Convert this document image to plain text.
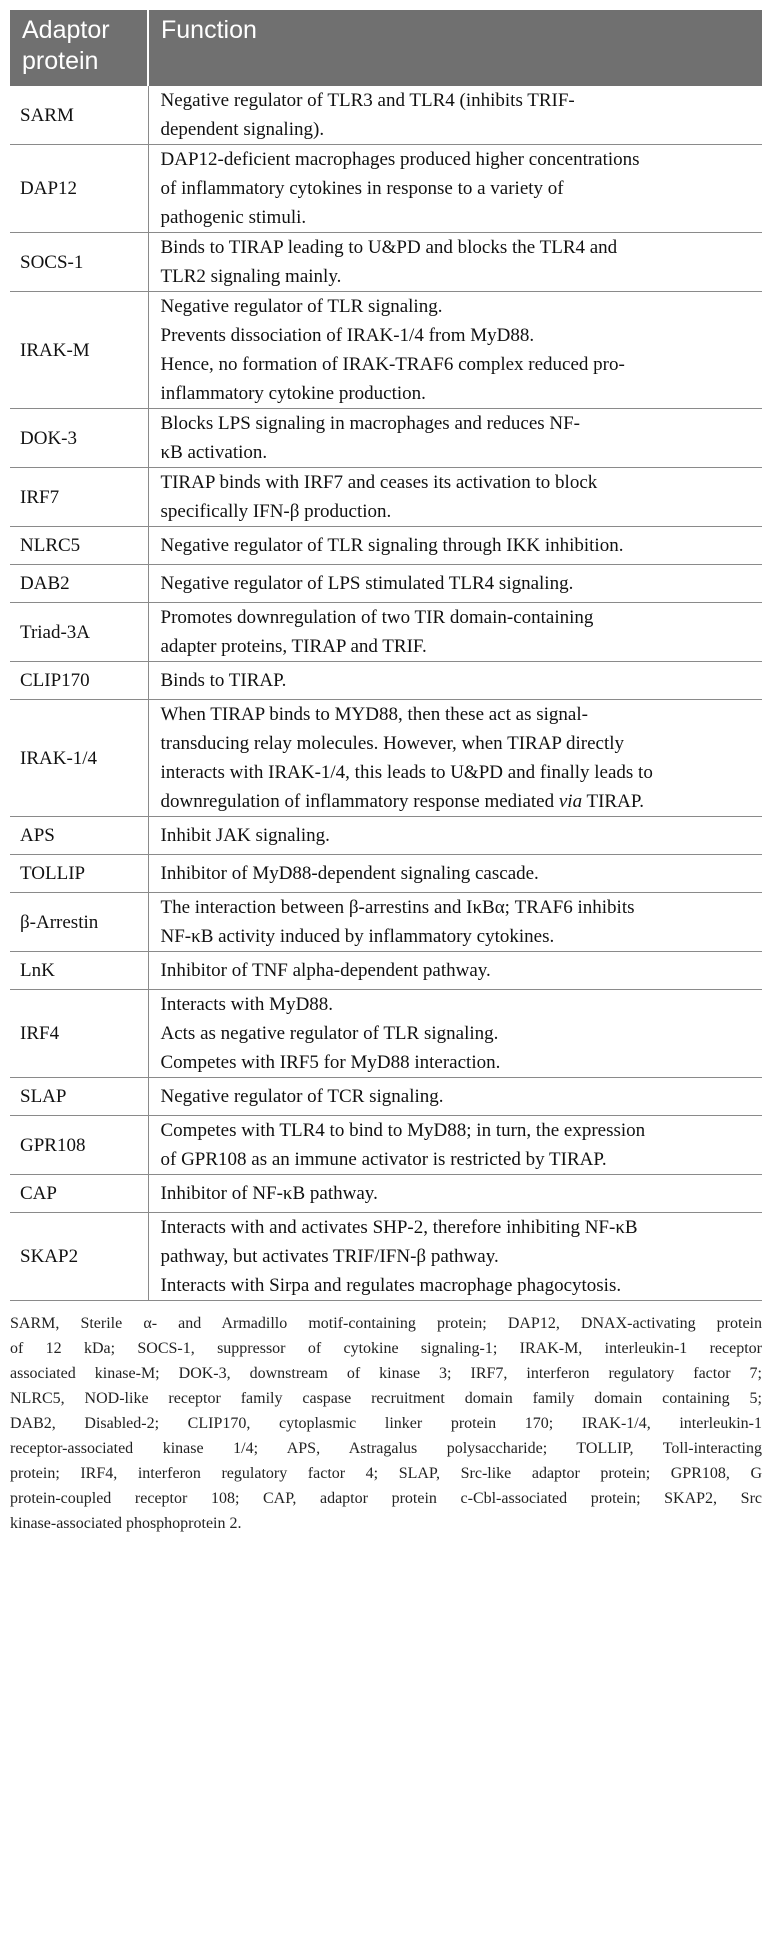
Adaptor
protein	Function
SARM	Negative regulator of TLR3 and TLR4 (inhibits TRIF-
dependent signaling).

DAP12	DAP12-deficient macrophages produced higher concentrations
of inflammatory cytokines in response to a variety of
pathogenic stimuli.

SOCS-1	Binds to TIRAP leading to U&PD and blocks the TLR4 and
TLR2 signaling mainly.

IRAK-M	Negative regulator of TLR signaling.
Prevents dissociation of IRAK-1/4 from MyD88.
Hence, no formation of IRAK-TRAF6 complex reduced pro-
inflammatory cytokine production.

DOK-3	Blocks LPS signaling in macrophages and reduces NF-
κB activation.

IRF7	TIRAP binds with IRF7 and ceases its activation to block
specifically IFN-β production.

NLRC5	Negative regulator of TLR signaling through IKK inhibition.

DAB2	Negative regulator of LPS stimulated TLR4 signaling.

Triad-3A	Promotes downregulation of two TIR domain-containing
adapter proteins, TIRAP and TRIF.

CLIP170	Binds to TIRAP.

IRAK-1/4	When TIRAP binds to MYD88, then these act as signal-
transducing relay molecules. However, when TIRAP directly
interacts with IRAK-1/4, this leads to U&PD and finally leads to
downregulation of inflammatory response mediated via TIRAP.

APS	Inhibit JAK signaling.

TOLLIP	Inhibitor of MyD88-dependent signaling cascade.

β-Arrestin	The interaction between β-arrestins and IκBα; TRAF6 inhibits
NF-κB activity induced by inflammatory cytokines.

LnK	Inhibitor of TNF alpha-dependent pathway.

IRF4	Interacts with MyD88.
Acts as negative regulator of TLR signaling.
Competes with IRF5 for MyD88 interaction.

SLAP	Negative regulator of TCR signaling.

GPR108	Competes with TLR4 to bind to MyD88; in turn, the expression
of GPR108 as an immune activator is restricted by TIRAP.

CAP	Inhibitor of NF-κB pathway.

SKAP2	Interacts with and activates SHP-2, therefore inhibiting NF-κB
pathway, but activates TRIF/IFN-β pathway.
Interacts with Sirpa and regulates macrophage phagocytosis.
SARM, Sterile α- and Armadillo motif-containing protein; DAP12, DNAX-activating protein
of 12 kDa; SOCS-1, suppressor of cytokine signaling-1; IRAK-M, interleukin-1 receptor
associated kinase-M; DOK-3, downstream of kinase 3; IRF7, interferon regulatory factor 7;
NLRC5, NOD-like receptor family caspase recruitment domain family domain containing 5;
DAB2, Disabled-2; CLIP170, cytoplasmic linker protein 170; IRAK-1/4, interleukin-1
receptor-associated kinase 1/4; APS, Astragalus polysaccharide; TOLLIP, Toll-interacting
protein; IRF4, interferon regulatory factor 4; SLAP, Src-like adaptor protein; GPR108, G
protein-coupled receptor 108; CAP, adaptor protein c-Cbl-associated protein; SKAP2, Src
kinase-associated phosphoprotein 2.
